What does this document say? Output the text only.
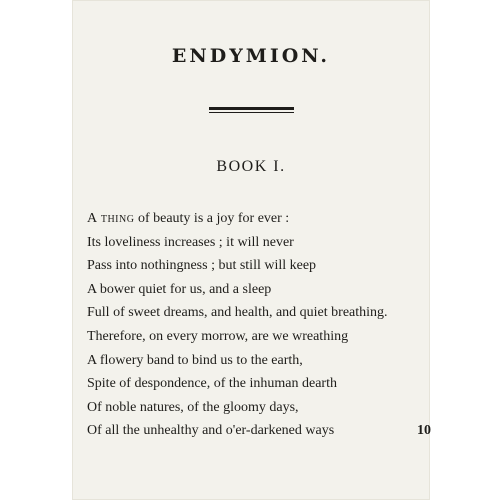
ENDYMION.
BOOK I.
A thing of beauty is a joy for ever :
Its loveliness increases ; it will never
Pass into nothingness ; but still will keep
A bower quiet for us, and a sleep
Full of sweet dreams, and health, and quiet breathing.
Therefore, on every morrow, are we wreathing
A flowery band to bind us to the earth,
Spite of despondence, of the inhuman dearth
Of noble natures, of the gloomy days,
Of all the unhealthy and o'er-darkened ways	10
